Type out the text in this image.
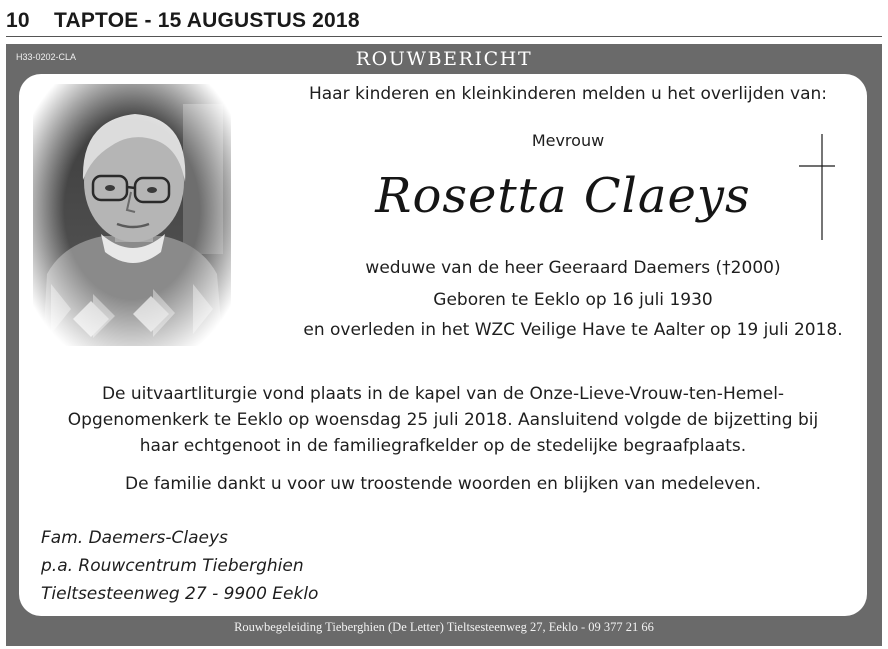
10 TAPTOE - 15 AUGUSTUS 2018
H33-0202-CLA	ROUWBERICHT
Haar kinderen en kleinkinderen melden u het overlijden van:
Mevrouw
Rosetta Claeys
weduwe van de heer Geeraard Daemers (†2000)
Geboren te Eeklo op 16 juli 1930
en overleden in het WZC Veilige Have te Aalter op 19 juli 2018.
De uitvaartliturgie vond plaats in de kapel van de Onze-Lieve-Vrouw-ten-Hemel-
Opgenomenkerk te Eeklo op woensdag 25 juli 2018. Aansluitend volgde de bijzetting bij
haar echtgenoot in de familiegrafkelder op de stedelijke begraafplaats.
De familie dankt u voor uw troostende woorden en blijken van medeleven.
Fam. Daemers-Claeys
p.a. Rouwcentrum Tieberghien
Tieltsesteenweg 27 - 9900 Eeklo
Rouwbegeleiding Tieberghien (De Letter) Tieltsesteenweg 27, Eeklo - 09 377 21 66
